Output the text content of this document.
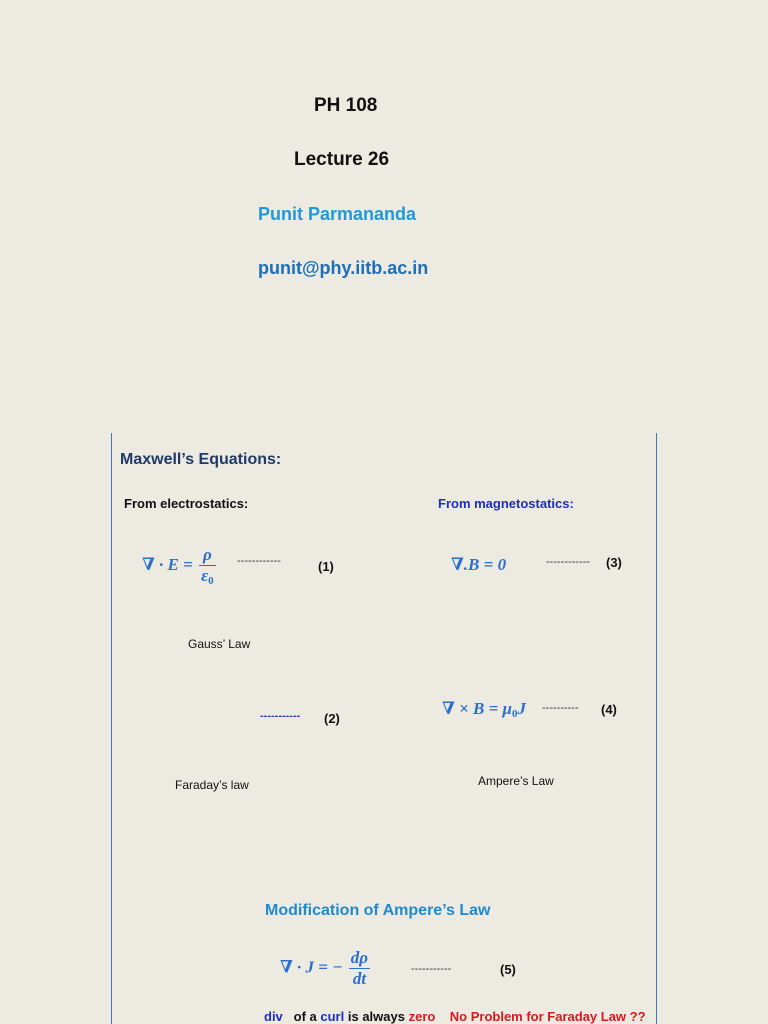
PH 108
Lecture 26
Punit Parmananda
punit@phy.iitb.ac.in
Maxwell’s Equations:
From electrostatics:	From magnetostatics:
∇ · $E = \frac{\rho}{\varepsilon 0}$ ------------	(1)
Gauss’ Law
∇.B = 0	------------ (3)
----------- (2)
Faraday’s law
∇ × B = μ0J ---------- (4)
Ampere’s Law
Modification of Ampere’s Law
∇ · J = − $\frac{d\rho}{dt}$	-----------	(5)
div of a curl is always zero No Problem for Faraday Law ??
